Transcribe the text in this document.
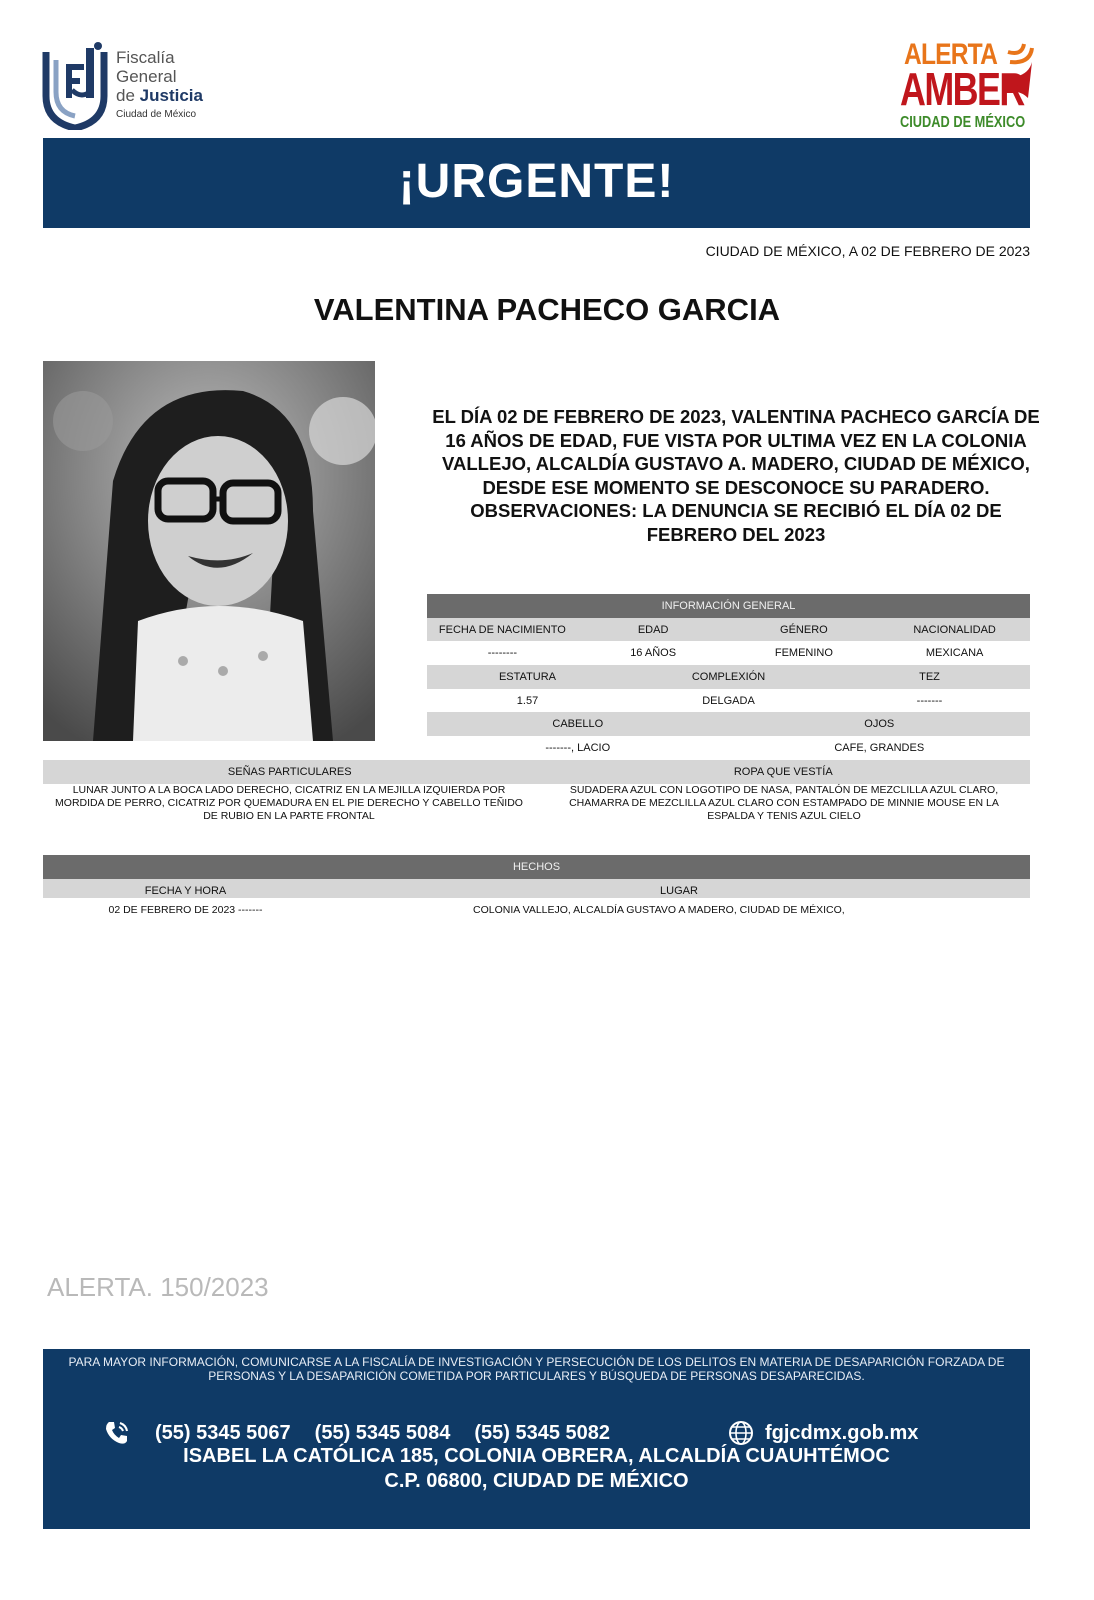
Fiscalía
General
de Justicia
Ciudad de México
ALERTA
AMBER
CIUDAD DE MÉXICO
¡URGENTE!
CIUDAD DE MÉXICO, A 02 DE FEBRERO DE 2023
VALENTINA PACHECO GARCIA
EL DÍA 02 DE FEBRERO DE 2023, VALENTINA PACHECO GARCÍA DE 16 AÑOS DE EDAD, FUE VISTA POR ULTIMA VEZ EN LA COLONIA VALLEJO, ALCALDÍA GUSTAVO A. MADERO, CIUDAD DE MÉXICO, DESDE ESE MOMENTO SE DESCONOCE SU PARADERO. OBSERVACIONES: LA DENUNCIA SE RECIBIÓ EL DÍA 02 DE FEBRERO DEL 2023
INFORMACIÓN GENERAL
FECHA DE NACIMIENTO	EDAD	GÉNERO	NACIONALIDAD
--------	16 AÑOS	FEMENINO	MEXICANA
ESTATURA	COMPLEXIÓN	TEZ
1.57	DELGADA	-------
CABELLO	OJOS
-------, LACIO	CAFE, GRANDES
SEÑAS PARTICULARES	ROPA QUE VESTÍA
LUNAR JUNTO A LA BOCA LADO DERECHO, CICATRIZ EN LA MEJILLA IZQUIERDA POR MORDIDA DE PERRO, CICATRIZ POR QUEMADURA EN EL PIE DERECHO Y CABELLO TEÑIDO DE RUBIO EN LA PARTE FRONTAL
SUDADERA AZUL CON LOGOTIPO DE NASA, PANTALÓN DE MEZCLILLA AZUL CLARO, CHAMARRA DE MEZCLILLA AZUL CLARO CON ESTAMPADO DE MINNIE MOUSE EN LA ESPALDA Y TENIS AZUL CIELO
HECHOS
FECHA Y HORA	LUGAR
02 DE FEBRERO DE 2023 -------	COLONIA VALLEJO, ALCALDÍA GUSTAVO A MADERO, CIUDAD DE MÉXICO,
ALERTA. 150/2023
PARA MAYOR INFORMACIÓN, COMUNICARSE A LA FISCALÍA DE INVESTIGACIÓN Y PERSECUCIÓN DE LOS DELITOS EN MATERIA DE DESAPARICIÓN FORZADA DE PERSONAS Y LA DESAPARICIÓN COMETIDA POR PARTICULARES Y BÚSQUEDA DE PERSONAS DESAPARECIDAS.
(55) 5345 5067 (55) 5345 5084 (55) 5345 5082	fgjcdmx.gob.mx
ISABEL LA CATÓLICA 185, COLONIA OBRERA, ALCALDÍA CUAUHTÉMOC
C.P. 06800, CIUDAD DE MÉXICO
